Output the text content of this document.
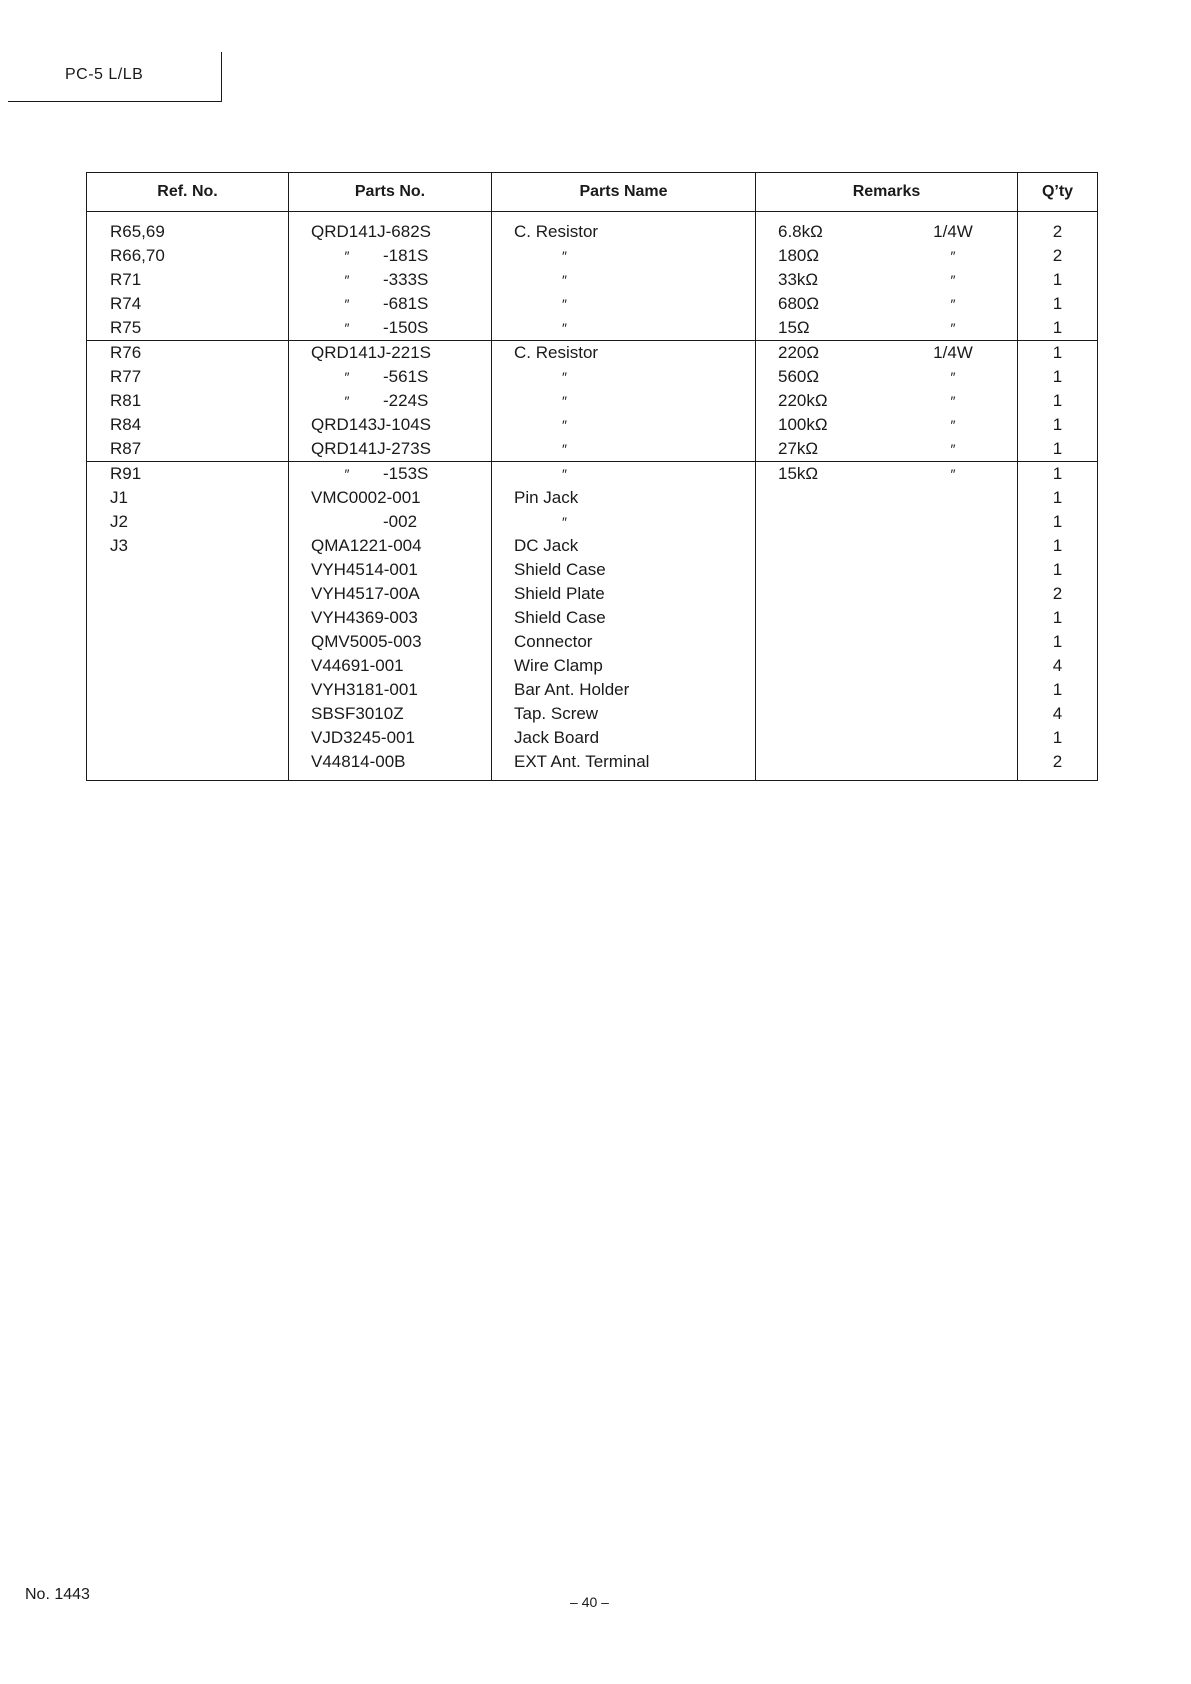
PC-5 L/LB
Ref. No.	Parts No.	Parts Name	Remarks	Q’ty
R65,69	QRD141J-682S	C. Resistor	6.8kΩ 1/4W	2
R66,70	″ -181S	″	180Ω ″	2
R71	″ -333S	″	33kΩ ″	1
R74	″ -681S	″	680Ω ″	1
R75	″ -150S	″	15Ω ″	1
R76	QRD141J-221S	C. Resistor	220Ω 1/4W	1
R77	″ -561S	″	560Ω ″	1
R81	″ -224S	″	220kΩ ″	1
R84	QRD143J-104S	″	100kΩ ″	1
R87	QRD141J-273S	″	27kΩ ″	1
R91	″ -153S	″	15kΩ ″	1
J1	VMC0002-001	Pin Jack		1
J2	-002	″		1
J3	QMA1221-004	DC Jack		1
	VYH4514-001	Shield Case		1
	VYH4517-00A	Shield Plate		2
	VYH4369-003	Shield Case		1
	QMV5005-003	Connector		1
	V44691-001	Wire Clamp		4
	VYH3181-001	Bar Ant. Holder		1
	SBSF3010Z	Tap. Screw		4
	VJD3245-001	Jack Board		1
	V44814-00B	EXT Ant. Terminal		2
No. 1443	– 40 –
